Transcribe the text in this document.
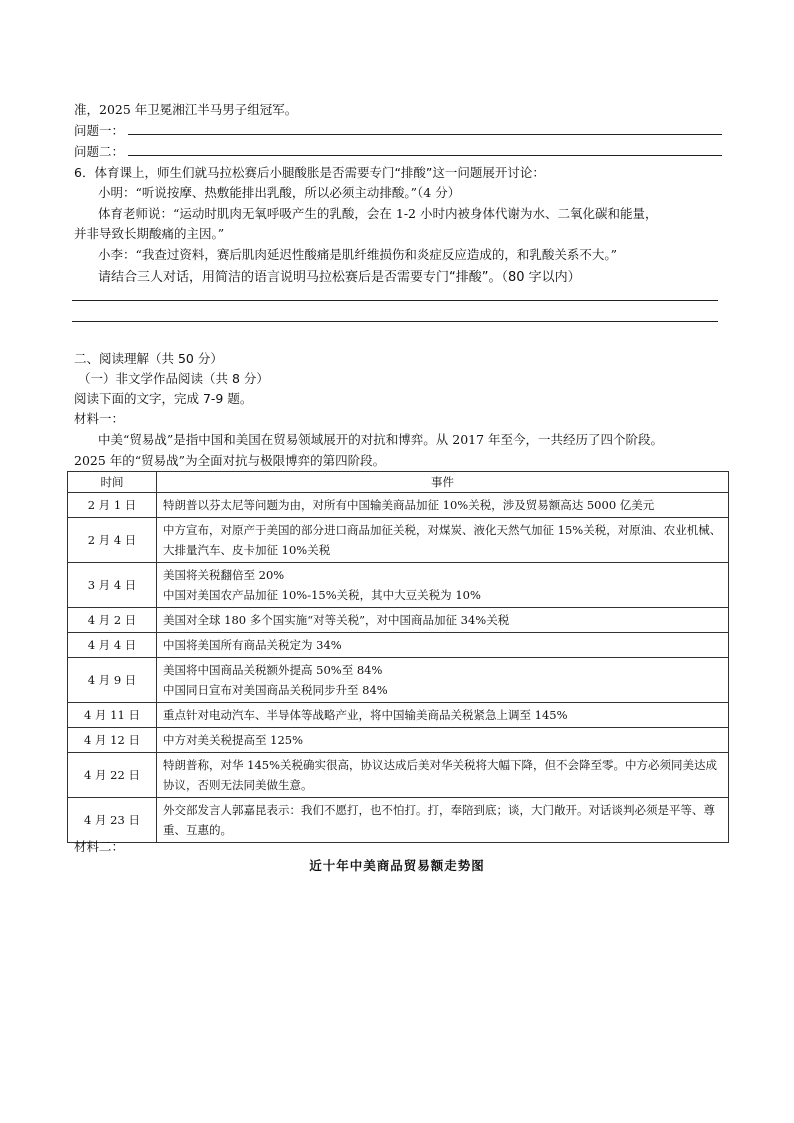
准，2025 年卫冕湘江半马男子组冠军。
问题一：
问题二：
6．体育课上，师生们就马拉松赛后小腿酸胀是否需要专门“排酸”这一问题展开讨论：
小明：“听说按摩、热敷能排出乳酸，所以必须主动排酸。”（4 分）
体育老师说：“运动时肌肉无氧呼吸产生的乳酸，会在 1-2 小时内被身体代谢为水、二氧化碳和能量，
并非导致长期酸痛的主因。”
小李：“我查过资料，赛后肌肉延迟性酸痛是肌纤维损伤和炎症反应造成的，和乳酸关系不大。”
请结合三人对话，用简洁的语言说明马拉松赛后是否需要专门“排酸”。（80 字以内）
二、阅读理解（共 50 分）
（一）非文学作品阅读（共 8 分）
阅读下面的文字，完成 7-9 题。
材料一：
中美“贸易战”是指中国和美国在贸易领域展开的对抗和博弈。从 2017 年至今，一共经历了四个阶段。
2025 年的“贸易战”为全面对抗与极限博弈的第四阶段。
时间	事件
2 月 1 日	特朗普以芬太尼等问题为由，对所有中国输美商品加征 10%关税，涉及贸易额高达 5000 亿美元
2 月 4 日	中方宣布，对原产于美国的部分进口商品加征关税，对煤炭、液化天然气加征 15%关税，对原油、农业机械、大排量汽车、皮卡加征 10%关税
3 月 4 日	美国将关税翻倍至 20%
中国对美国农产品加征 10%-15%关税，其中大豆关税为 10%
4 月 2 日	美国对全球 180 多个国实施“对等关税”，对中国商品加征 34%关税
4 月 4 日	中国将美国所有商品关税定为 34%
4 月 9 日	美国将中国商品关税额外提高 50%至 84%
中国同日宣布对美国商品关税同步升至 84%
4 月 11 日	重点针对电动汽车、半导体等战略产业，将中国输美商品关税紧急上调至 145%
4 月 12 日	中方对美关税提高至 125%
4 月 22 日	特朗普称，对华 145%关税确实很高，协议达成后美对华关税将大幅下降，但不会降至零。中方必须同美达成协议，否则无法同美做生意。
4 月 23 日	外交部发言人郭嘉昆表示：我们不愿打，也不怕打。打，奉陪到底；谈，大门敞开。对话谈判必须是平等、尊重、互惠的。
材料二：
近十年中美商品贸易额走势图
